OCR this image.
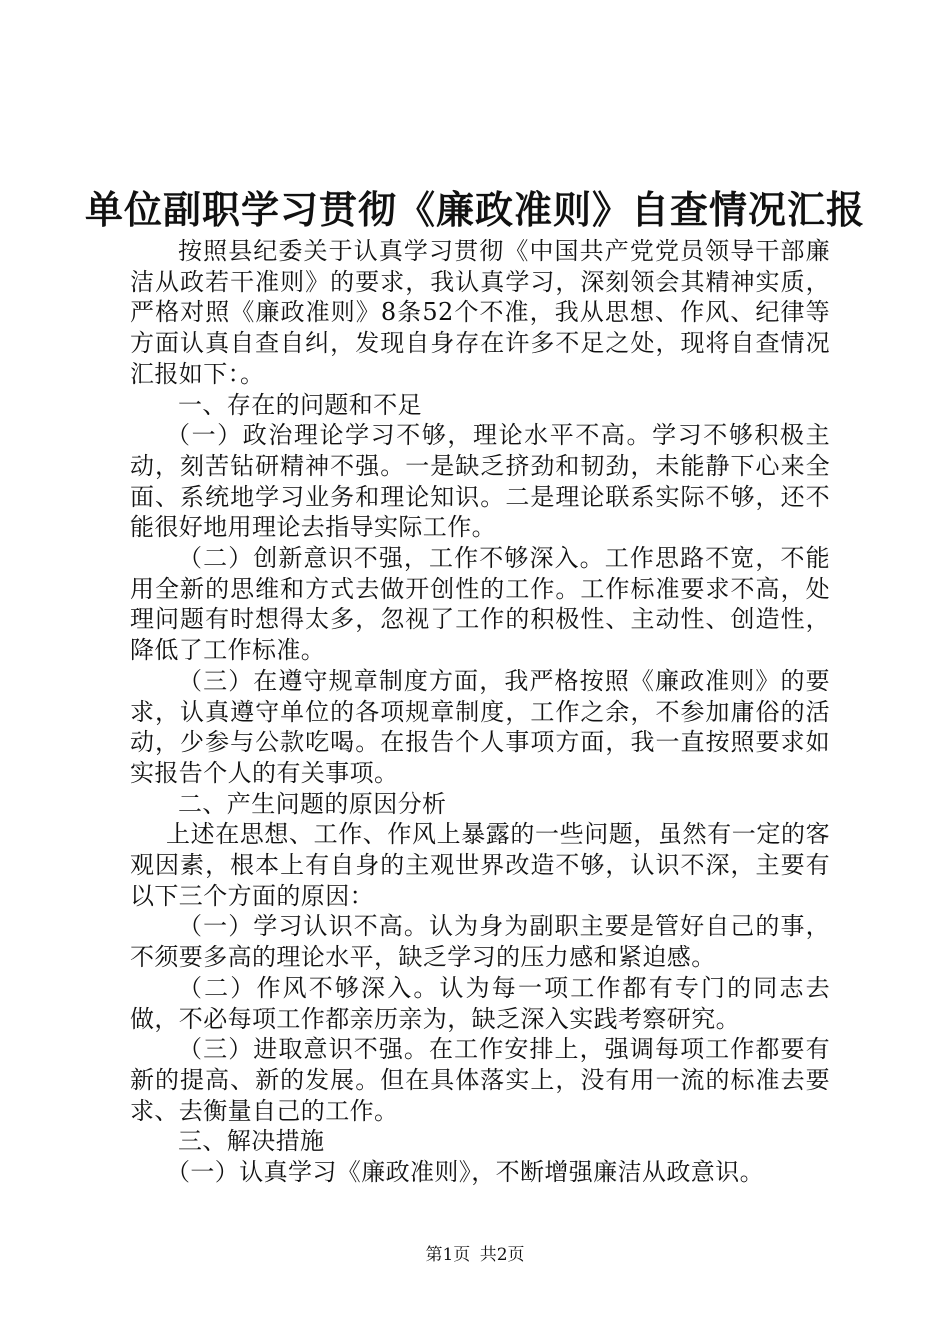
单位副职学习贯彻《廉政准则》自查情况汇报

按照县纪委关于认真学习贯彻《中国共产党党员领导干部廉洁从政若干准则》的要求，我认真学习，深刻领会其精神实质，严格对照《廉政准则》8条52个不准，我从思想、作风、纪律等方面认真自查自纠，发现自身存在许多不足之处，现将自查情况汇报如下：。

一、存在的问题和不足

（一）政治理论学习不够，理论水平不高。学习不够积极主动，刻苦钻研精神不强。一是缺乏挤劲和韧劲，未能静下心来全面、系统地学习业务和理论知识。二是理论联系实际不够，还不能很好地用理论去指导实际工作。

（二）创新意识不强，工作不够深入。工作思路不宽，不能用全新的思维和方式去做开创性的工作。工作标准要求不高，处理问题有时想得太多，忽视了工作的积极性、主动性、创造性，降低了工作标准。

（三）在遵守规章制度方面，我严格按照《廉政准则》的要求，认真遵守单位的各项规章制度，工作之余，不参加庸俗的活动，少参与公款吃喝。在报告个人事项方面，我一直按照要求如实报告个人的有关事项。

二、产生问题的原因分析

上述在思想、工作、作风上暴露的一些问题，虽然有一定的客观因素，根本上有自身的主观世界改造不够，认识不深，主要有以下三个方面的原因：

（一）学习认识不高。认为身为副职主要是管好自己的事，不须要多高的理论水平，缺乏学习的压力感和紧迫感。

（二）作风不够深入。认为每一项工作都有专门的同志去做，不必每项工作都亲历亲为，缺乏深入实践考察研究。

（三）进取意识不强。在工作安排上，强调每项工作都要有新的提高、新的发展。但在具体落实上，没有用一流的标准去要求、去衡量自己的工作。

三、解决措施

（一）认真学习《廉政准则》，不断增强廉洁从政意识。

第1页 共2页
